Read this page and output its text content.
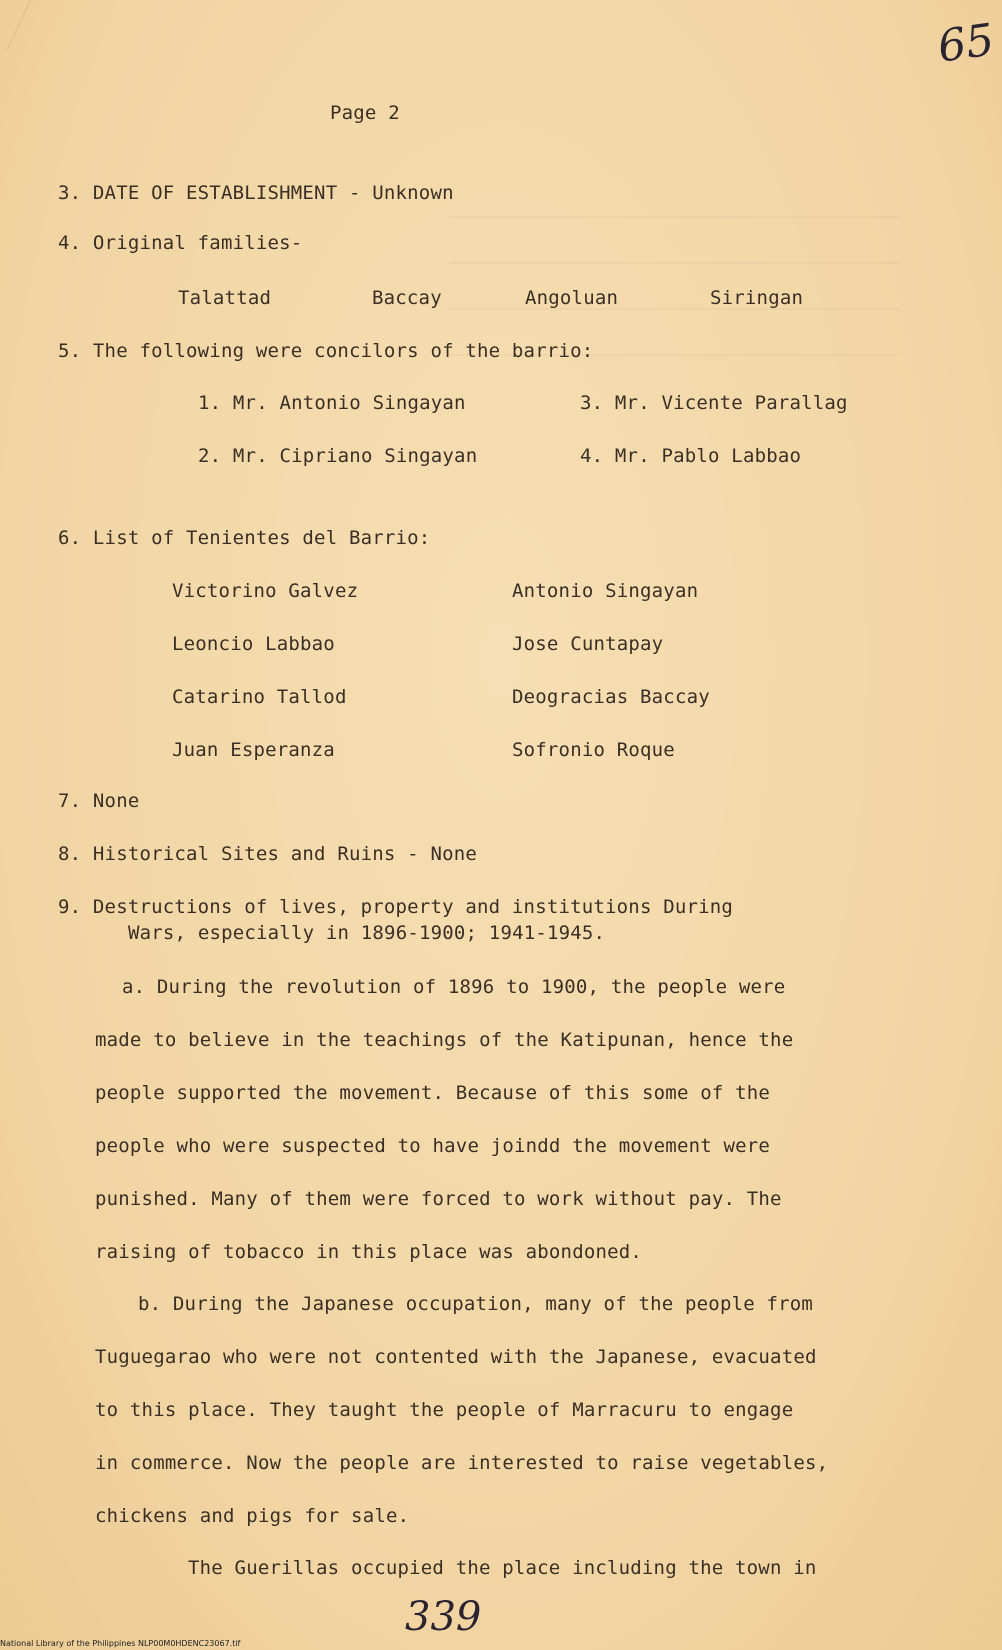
65
Page 2
3. DATE OF ESTABLISHMENT - Unknown
4. Original families-
Talattad	Baccay	Angoluan	Siringan
5. The following were concilors of the barrio:
1. Mr. Antonio Singayan	3. Mr. Vicente Parallag
2. Mr. Cipriano Singayan	4. Mr. Pablo Labbao
6. List of Tenientes del Barrio:
Victorino Galvez	Antonio Singayan
Leoncio Labbao	Jose Cuntapay
Catarino Tallod	Deogracias Baccay
Juan Esperanza	Sofronio Roque
7. None
8. Historical Sites and Ruins - None
9. Destructions of lives, property and institutions During
Wars, especially in 1896-1900; 1941-1945.
a. During the revolution of 1896 to 1900, the people were
made to believe in the teachings of the Katipunan, hence the
people supported the movement. Because of this some of the
people who were suspected to have joindd the movement were
punished. Many of them were forced to work without pay. The
raising of tobacco in this place was abondoned.
b. During the Japanese occupation, many of the people from
Tuguegarao who were not contented with the Japanese, evacuated
to this place. They taught the people of Marracuru to engage
in commerce. Now the people are interested to raise vegetables,
chickens and pigs for sale.
The Guerillas occupied the place including the town in
339
National Library of the Philippines NLP00M0HDENC23067.tif
